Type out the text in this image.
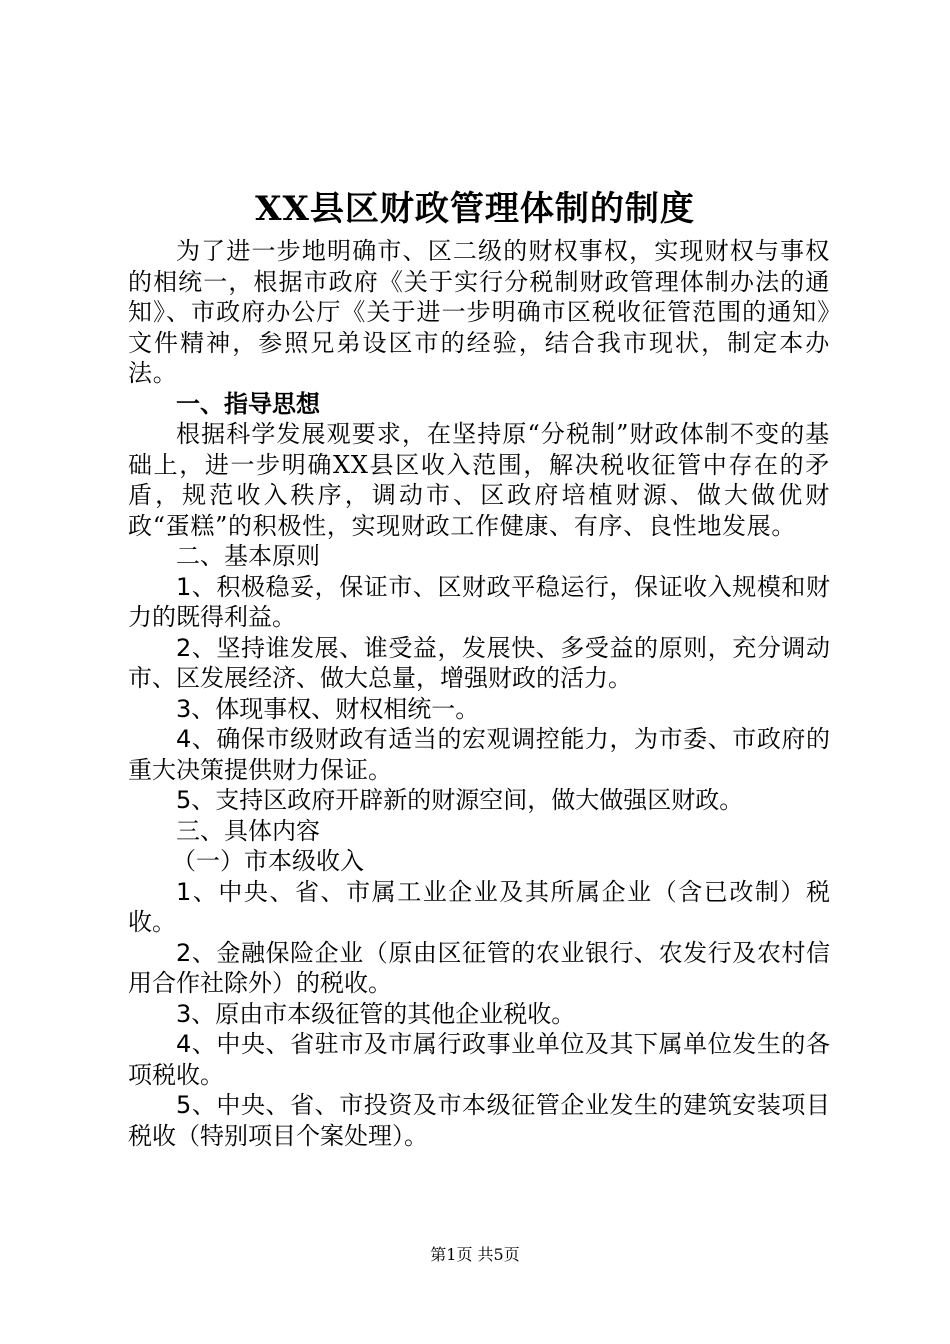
XX县区财政管理体制的制度

为了进一步地明确市、区二级的财权事权，实现财权与事权的相统一，根据市政府《关于实行分税制财政管理体制办法的通知》、市政府办公厅《关于进一步明确市区税收征管范围的通知》文件精神，参照兄弟设区市的经验，结合我市现状，制定本办法。

一、指导思想

根据科学发展观要求，在坚持原“分税制”财政体制不变的基础上，进一步明确XX县区收入范围，解决税收征管中存在的矛盾，规范收入秩序，调动市、区政府培植财源、做大做优财政“蛋糕”的积极性，实现财政工作健康、有序、良性地发展。

二、基本原则

1、积极稳妥，保证市、区财政平稳运行，保证收入规模和财力的既得利益。

2、坚持谁发展、谁受益，发展快、多受益的原则，充分调动市、区发展经济、做大总量，增强财政的活力。

3、体现事权、财权相统一。

4、确保市级财政有适当的宏观调控能力，为市委、市政府的重大决策提供财力保证。

5、支持区政府开辟新的财源空间，做大做强区财政。

三、具体内容

（一）市本级收入

1、中央、省、市属工业企业及其所属企业（含已改制）税收。

2、金融保险企业（原由区征管的农业银行、农发行及农村信用合作社除外）的税收。

3、原由市本级征管的其他企业税收。

4、中央、省驻市及市属行政事业单位及其下属单位发生的各项税收。

5、中央、省、市投资及市本级征管企业发生的建筑安装项目税收（特别项目个案处理）。

第1页 共5页
